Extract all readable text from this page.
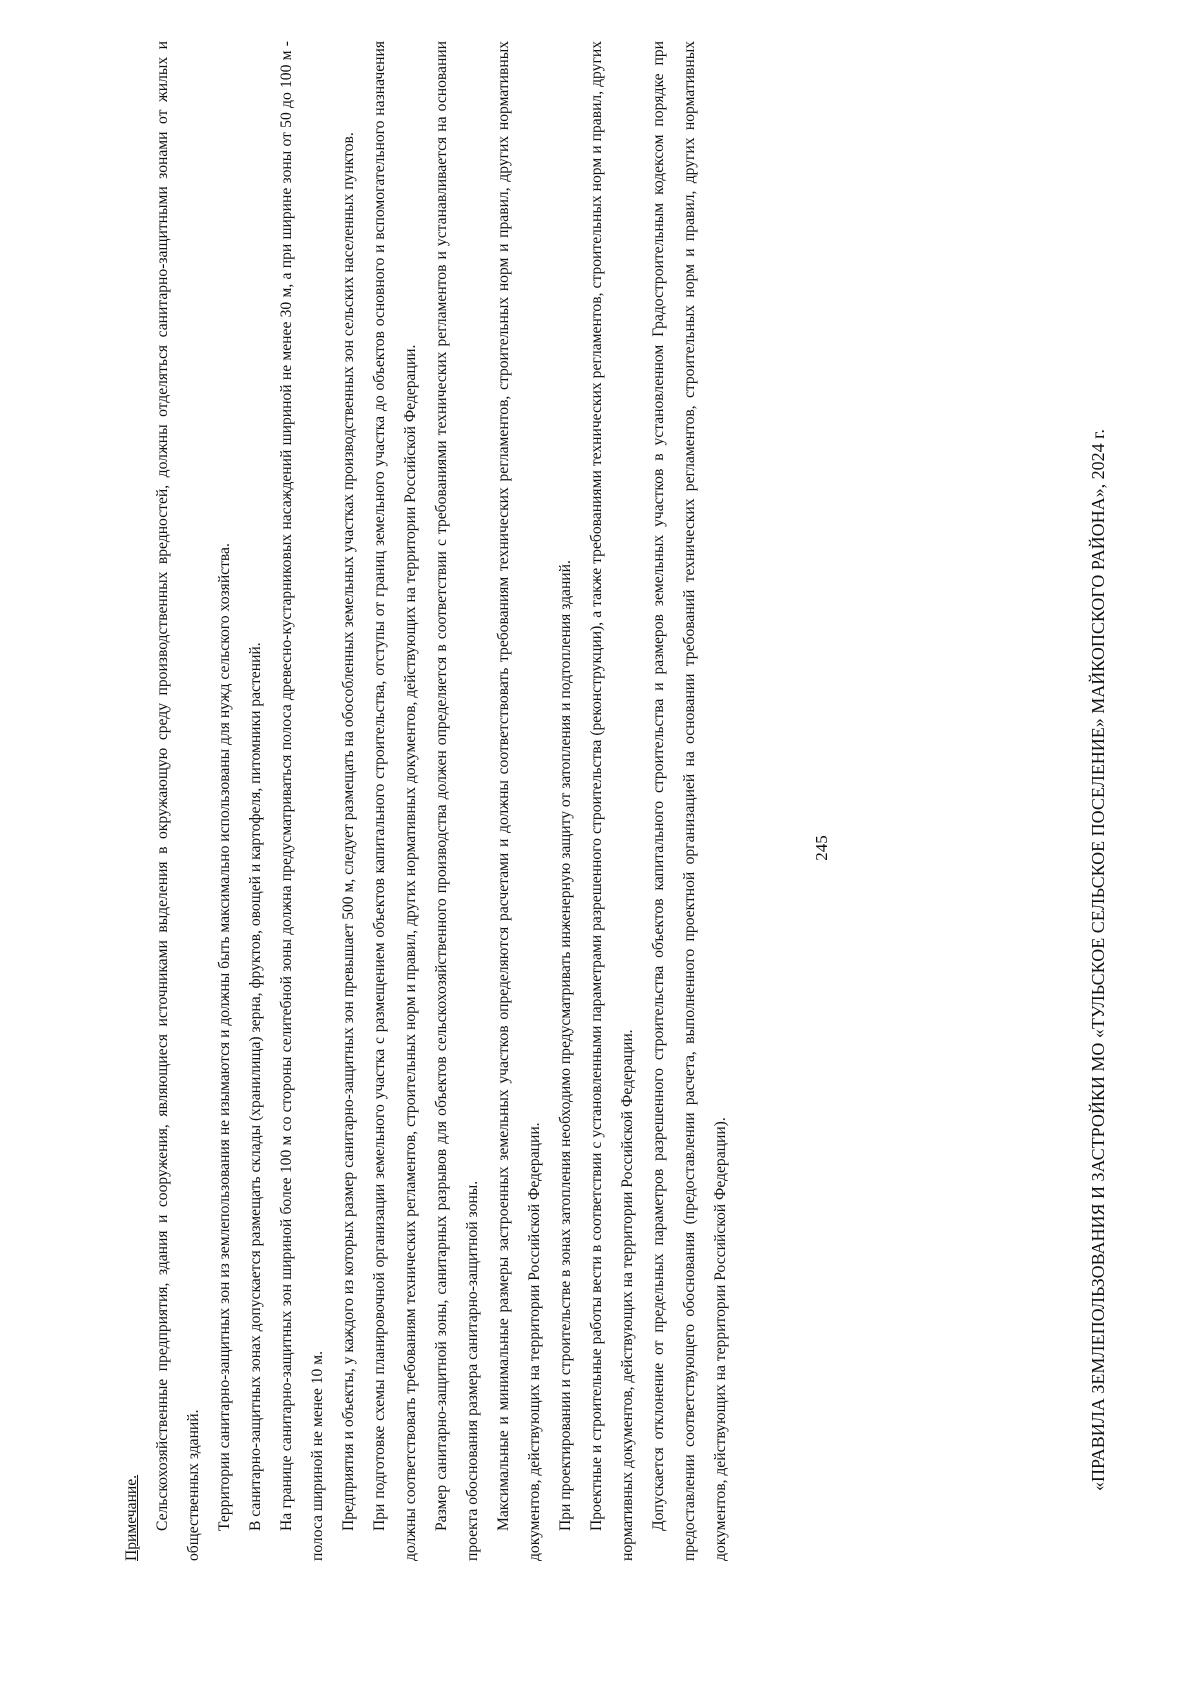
245

Примечание. Сельскохозяйственные предприятия, здания и сооружения, являющиеся источниками выделения в окружающую среду производственных вредностей, должны отделяться санитарно-защитными зонами от жилых и общественных зданий. Территории санитарно-защитных зон из землепользования не изымаются и должны быть максимально использованы для нужд сельского хозяйства. В санитарно-защитных зонах допускается размещать склады (хранилища) зерна, фруктов, овощей и картофеля, питомники растений. На границе санитарно-защитных зон шириной более 100 м со стороны селитебной зоны должна предусматриваться полоса древесно-кустарниковых насаждений шириной не менее 30 м, а при ширине зоны от 50 до 100 м - полоса шириной не менее 10 м. Предприятия и объекты, у каждого из которых размер санитарно-защитных зон превышает 500 м, следует размещать на обособленных земельных участках производственных зон сельских населенных пунктов. При подготовке схемы планировочной организации земельного участка с размещением объектов капитального строительства, отступы от границ земельного участка до объектов основного и вспомогательного назначения должны соответствовать требованиям технических регламентов, строительных норм и правил, других нормативных документов, действующих на территории Российской Федерации. Размер санитарно-защитной зоны, санитарных разрывов для объектов сельскохозяйственного производства должен определяется в соответствии с требованиями технических регламентов и устанавливается на основании проекта обоснования размера санитарно-защитной зоны. Максимальные и минимальные размеры застроенных земельных участков определяются расчетами и должны соответствовать требованиям технических регламентов, строительных норм и правил, других нормативных документов, действующих на территории Российской Федерации. При проектировании и строительстве в зонах затопления необходимо предусматривать инженерную защиту от затопления и подтопления зданий. Проектные и строительные работы вести в соответствии с установленными параметрами разрешенного строительства (реконструкции), а также требованиями технических регламентов, строительных норм и правил, других нормативных документов, действующих на территории Российской Федерации. Допускается отклонение от предельных параметров разрешенного строительства объектов капитального строительства и размеров земельных участков в установленном Градостроительным кодексом порядке при предоставлении соответствующего обоснования (предоставлении расчета, выполненного проектной организацией на основании требований технических регламентов, строительных норм и правил, других нормативных документов, действующих на территории Российской Федерации).	«ПРАВИЛА ЗЕМЛЕПОЛЬЗОВАНИЯ И ЗАСТРОЙКИ МО «ТУЛЬСКОЕ СЕЛЬСКОЕ ПОСЕЛЕНИЕ» МАЙКОПСКОГО РАЙОНА», 2024 г.
